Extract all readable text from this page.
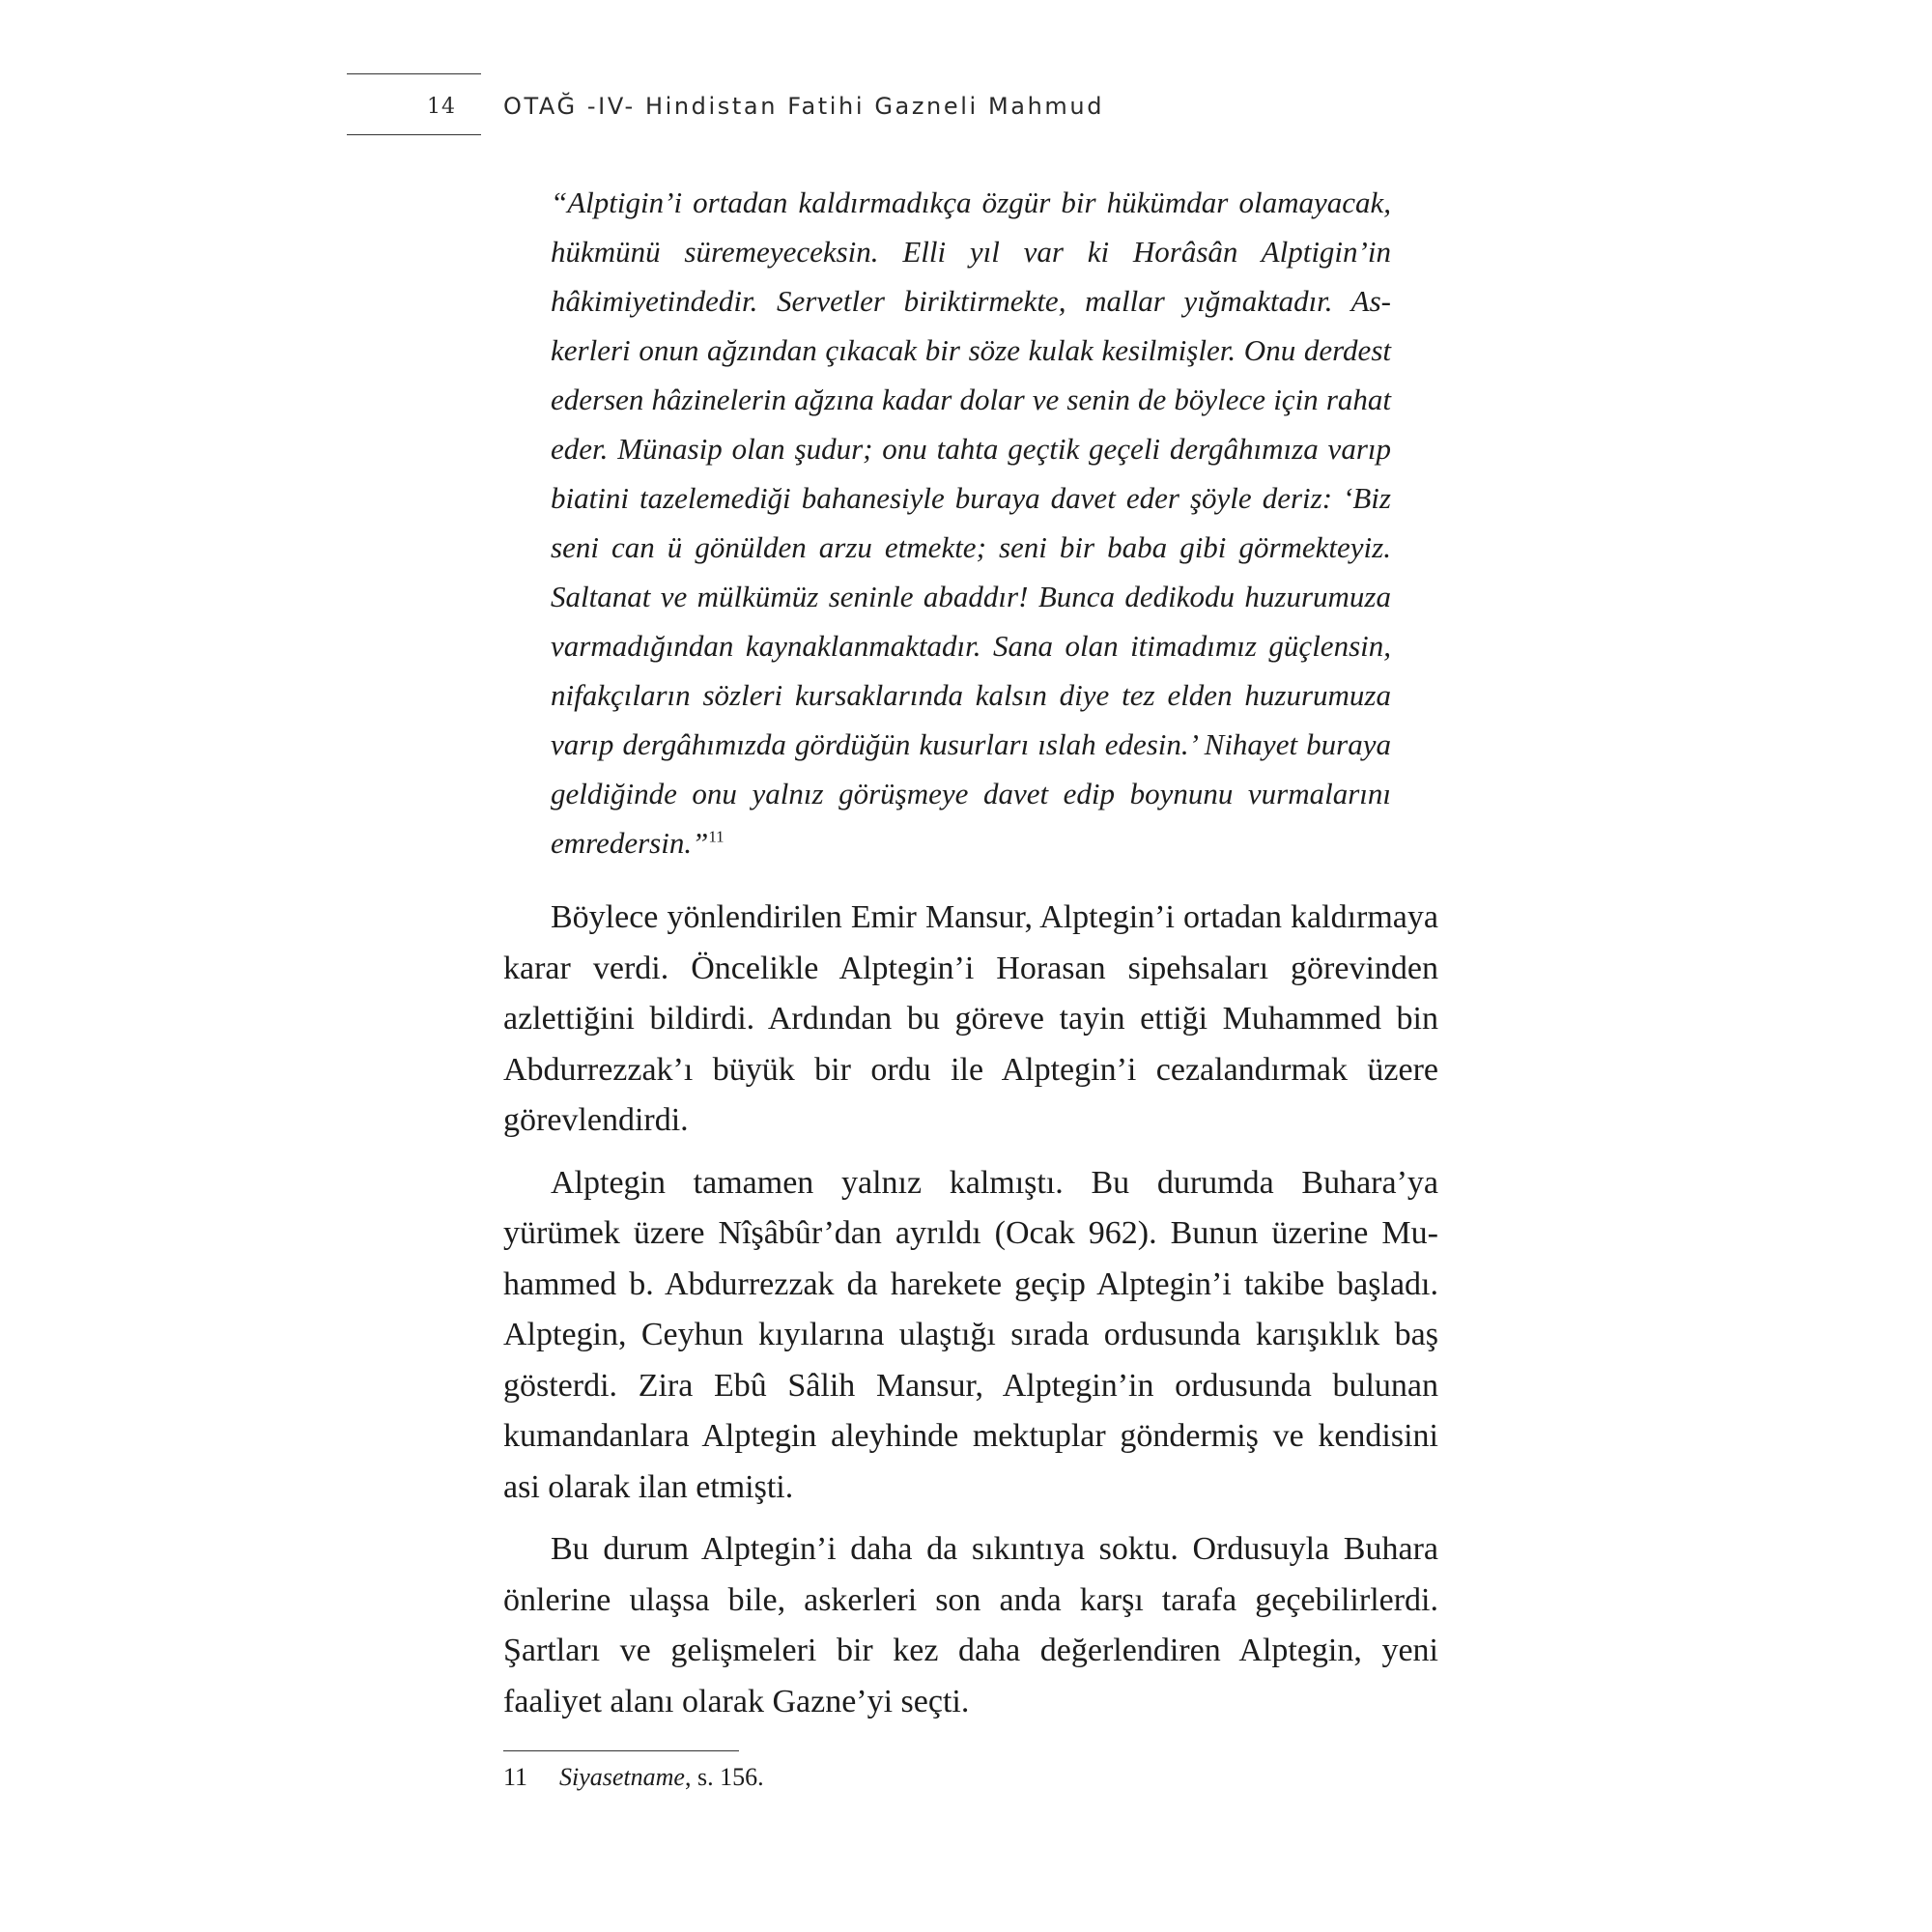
14 OTAĞ -IV- Hindistan Fatihi Gazneli Mahmud
“Alptigin’i ortadan kaldırmadıkça özgür bir hükümdar olamayacak, hükmünü süremeyeceksin. Elli yıl var ki Horâsân Alptigin’in hâkimiyetindedir. Servetler biriktirmekte, mallar yığmaktadır. Askerleri onun ağzından çıkacak bir söze kulak kesilmişler. Onu derdest edersen hâzinelerin ağzına kadar dolar ve senin de böylece için rahat eder. Münasip olan şudur; onu tahta geçtik geçeli dergâhımıza varıp biatini tazelemediği bahanesiyle buraya davet eder şöyle deriz: ‘Biz seni can ü gönülden arzu etmekte; seni bir baba gibi görmekteyiz. Saltanat ve mülkümüz seninle abaddır! Bunca dedikodu huzurumuza varmadığından kaynaklanmaktadır. Sana olan itimadımız güçlensin, nifakçıların sözleri kursaklarında kalsın diye tez elden huzurumuza varıp dergâhımızda gördüğün kusurları ıslah edesin.’ Nihayet buraya geldiğinde onu yalnız görüşmeye davet edip boynunu vurmalarını emredersin.”$^{11}$

Böylece yönlendirilen Emir Mansur, Alptegin’i ortadan kaldırmaya karar verdi. Öncelikle Alptegin’i Horasan sipehsaları görevinden azlettiğini bildirdi. Ardından bu göreve tayin ettiği Muhammed bin Abdurrezzak’ı büyük bir ordu ile Alptegin’i cezalandırmak üzere görevlendirdi.

Alptegin tamamen yalnız kalmıştı. Bu durumda Buhara’ya yürümek üzere Nîşâbûr’dan ayrıldı (Ocak 962). Bunun üzerine Muhammed b. Abdurrezzak da harekete geçip Alptegin’i takibe başladı. Alptegin, Ceyhun kıyılarına ulaştığı sırada ordusunda karışıklık baş gösterdi. Zira Ebû Sâlih Mansur, Alptegin’in ordusunda bulunan kumandanlara Alptegin aleyhinde mektuplar göndermiş ve kendisini asi olarak ilan etmişti.

Bu durum Alptegin’i daha da sıkıntıya soktu. Ordusuyla Buhara önlerine ulaşsa bile, askerleri son anda karşı tarafa geçebilirlerdi. Şartları ve gelişmeleri bir kez daha değerlendiren Alptegin, yeni faaliyet alanı olarak Gazne’yi seçti.

11 Siyasetname, s. 156.
